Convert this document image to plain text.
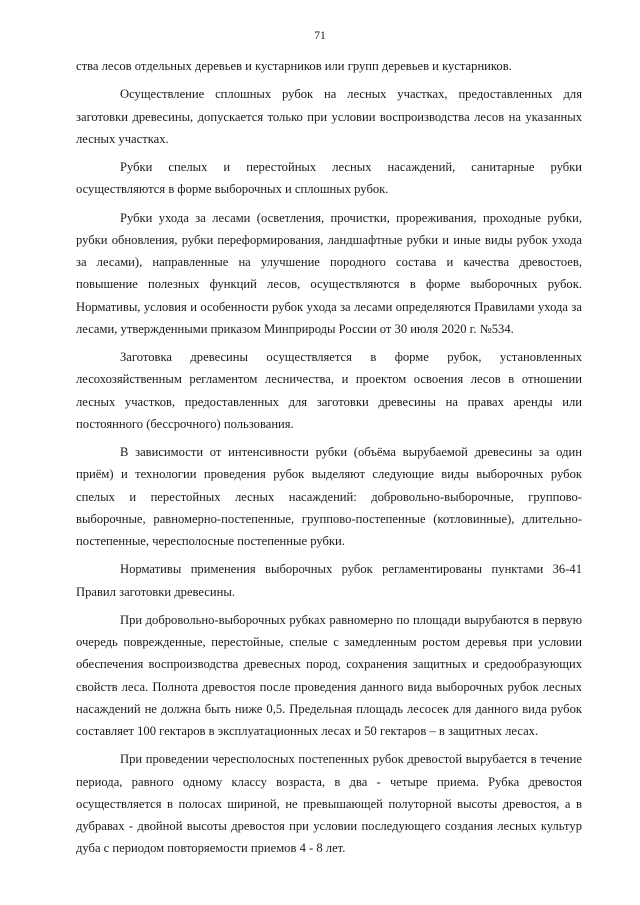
71

ства лесов отдельных деревьев и кустарников или групп деревьев и кустарников.

Осуществление сплошных рубок на лесных участках, предоставленных для заготовки древесины, допускается только при условии воспроизводства лесов на указанных лесных участках.

Рубки спелых и перестойных лесных насаждений, санитарные рубки осуществляются в форме выборочных и сплошных рубок.

Рубки ухода за лесами (осветления, прочистки, прореживания, проходные рубки, рубки обновления, рубки переформирования, ландшафтные рубки и иные виды рубок ухода за лесами), направленные на улучшение породного состава и качества древостоев, повышение полезных функций лесов, осуществляются в форме выборочных рубок. Нормативы, условия и особенности рубок ухода за лесами определяются Правилами ухода за лесами, утвержденными приказом Минприроды России от 30 июля 2020 г. №534.

Заготовка древесины осуществляется в форме рубок, установленных лесохозяйственным регламентом лесничества, и проектом освоения лесов в отношении лесных участков, предоставленных для заготовки древесины на правах аренды или постоянного (бессрочного) пользования.

В зависимости от интенсивности рубки (объёма вырубаемой древесины за один приём) и технологии проведения рубок выделяют следующие виды выборочных рубок спелых и перестойных лесных насаждений: добровольно-выборочные, группово-выборочные, равномерно-постепенные, группово-постепенные (котловинные), длительно-постепенные, чересполосные постепенные рубки.

Нормативы применения выборочных рубок регламентированы пунктами 36-41 Правил заготовки древесины.

При добровольно-выборочных рубках равномерно по площади вырубаются в первую очередь поврежденные, перестойные, спелые с замедленным ростом деревья при условии обеспечения воспроизводства древесных пород, сохранения защитных и средообразующих свойств леса. Полнота древостоя после проведения данного вида выборочных рубок лесных насаждений не должна быть ниже 0,5. Предельная площадь лесосек для данного вида рубок составляет 100 гектаров в эксплуатационных лесах и 50 гектаров – в защитных лесах.

При проведении чересполосных постепенных рубок древостой вырубается в течение периода, равного одному классу возраста, в два - четыре приема. Рубка древостоя осуществляется в полосах шириной, не превышающей полуторной высоты древостоя, а в дубравах - двойной высоты древостоя при условии последующего создания лесных культур дуба с периодом повторяемости приемов 4 - 8 лет.
